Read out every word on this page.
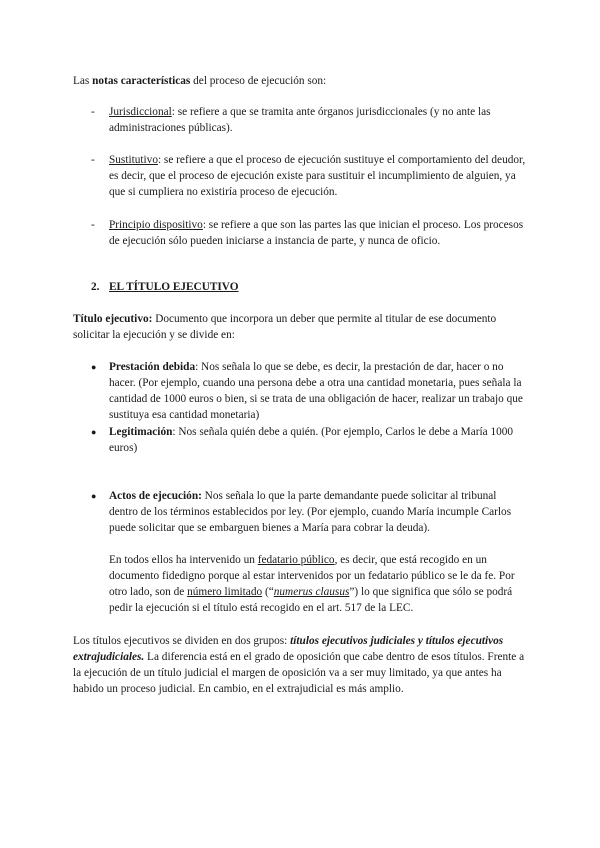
Las notas características del proceso de ejecución son:

- Jurisdiccional: se refiere a que se tramita ante órganos jurisdiccionales (y no ante las administraciones públicas).
- Sustitutivo: se refiere a que el proceso de ejecución sustituye el comportamiento del deudor, es decir, que el proceso de ejecución existe para sustituir el incumplimiento de alguien, ya que si cumpliera no existiría proceso de ejecución.
- Principio dispositivo: se refiere a que son las partes las que inician el proceso. Los procesos de ejecución sólo pueden iniciarse a instancia de parte, y nunca de oficio.
2. EL TÍTULO EJECUTIVO

Título ejecutivo: Documento que incorpora un deber que permite al titular de ese documento solicitar la ejecución y se divide en:

● Prestación debida: Nos señala lo que se debe, es decir, la prestación de dar, hacer o no hacer. (Por ejemplo, cuando una persona debe a otra una cantidad monetaria, pues señala la cantidad de 1000 euros o bien, si se trata de una obligación de hacer, realizar un trabajo que sustituya esa cantidad monetaria)
● Legitimación: Nos señala quién debe a quién. (Por ejemplo, Carlos le debe a María 1000 euros)
● Actos de ejecución: Nos señala lo que la parte demandante puede solicitar al tribunal dentro de los términos establecidos por ley. (Por ejemplo, cuando María incumple Carlos puede solicitar que se embarguen bienes a María para cobrar la deuda).

En todos ellos ha intervenido un fedatario público, es decir, que está recogido en un documento fidedigno porque al estar intervenidos por un fedatario público se le da fe. Por otro lado, son de número limitado (“numerus clausus”) lo que significa que sólo se podrá pedir la ejecución si el título está recogido en el art. 517 de la LEC.

Los títulos ejecutivos se dividen en dos grupos: títulos ejecutivos judiciales y títulos ejecutivos extrajudiciales. La diferencia está en el grado de oposición que cabe dentro de esos títulos. Frente a la ejecución de un título judicial el margen de oposición va a ser muy limitado, ya que antes ha habido un proceso judicial. En cambio, en el extrajudicial es más amplio.
